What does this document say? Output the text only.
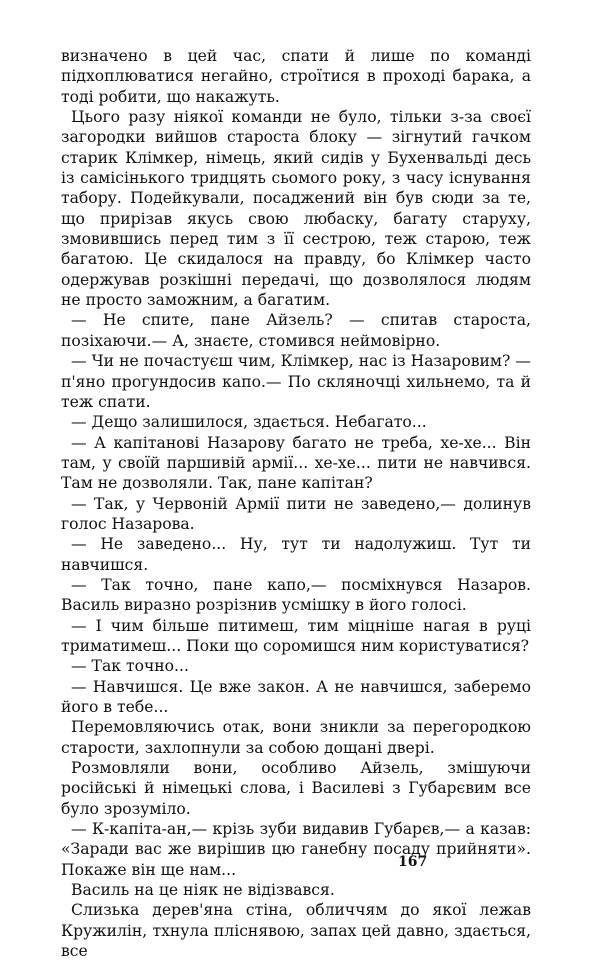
визначено в цей час, спати й лише по команді підхоплюватися негайно, строїтися в проході барака, а тоді робити, що накажуть.

Цього разу ніякої команди не було, тільки з-за своєї загородки вийшов староста блоку — зігнутий гачком старик Клімкер, німець, який сидів у Бухенвальді десь із самісінького тридцять сьомого року, з часу існування табору. Подейкували, посаджений він був сюди за те, що прирізав якусь свою любаску, багату старуху, змовившись перед тим з її сестрою, теж старою, теж багатою. Це скидалося на правду, бо Клімкер часто одержував розкішні передачі, що дозволялося людям не просто заможним, а багатим.

— Не спите, пане Айзель? — спитав староста, позіхаючи.— А, знаєте, стомився неймовірно.

— Чи не почастуєш чим, Клімкер, нас із Назаровим? — п'яно прогундосив капо.— По скляночці хильнемо, та й теж спати.

— Дещо залишилося, здається. Небагато...

— А капітанові Назарову багато не треба, хе-хе... Він там, у своїй паршивій армії... хе-хе... пити не навчився. Там не дозволяли. Так, пане капітан?

— Так, у Червоній Армії пити не заведено,— долинув голос Назарова.

— Не заведено... Ну, тут ти надолужиш. Тут ти навчишся.

— Так точно, пане капо,— посміхнувся Назаров. Василь виразно розрізнив усмішку в його голосі.

— І чим більше питимеш, тим міцніше нагая в руці триматимеш... Поки що соромишся ним користуватися?

— Так точно...

— Навчишся. Це вже закон. А не навчишся, заберемо його в тебе...

Перемовляючись отак, вони зникли за перегородкою старости, захлопнули за собою дощані двері.

Розмовляли вони, особливо Айзель, змішуючи російські й німецькі слова, і Василеві з Губарєвим все було зрозуміло.

— К-капіта-ан,— крізь зуби видавив Губарєв,— а казав: «Заради вас же вирішив цю ганебну посаду прийняти». Покаже він ще нам...

Василь на це ніяк не відізвався.

Слизька дерев'яна стіна, обличчям до якої лежав Кружилін, тхнула пліснявою, запах цей давно, здається, все

167
